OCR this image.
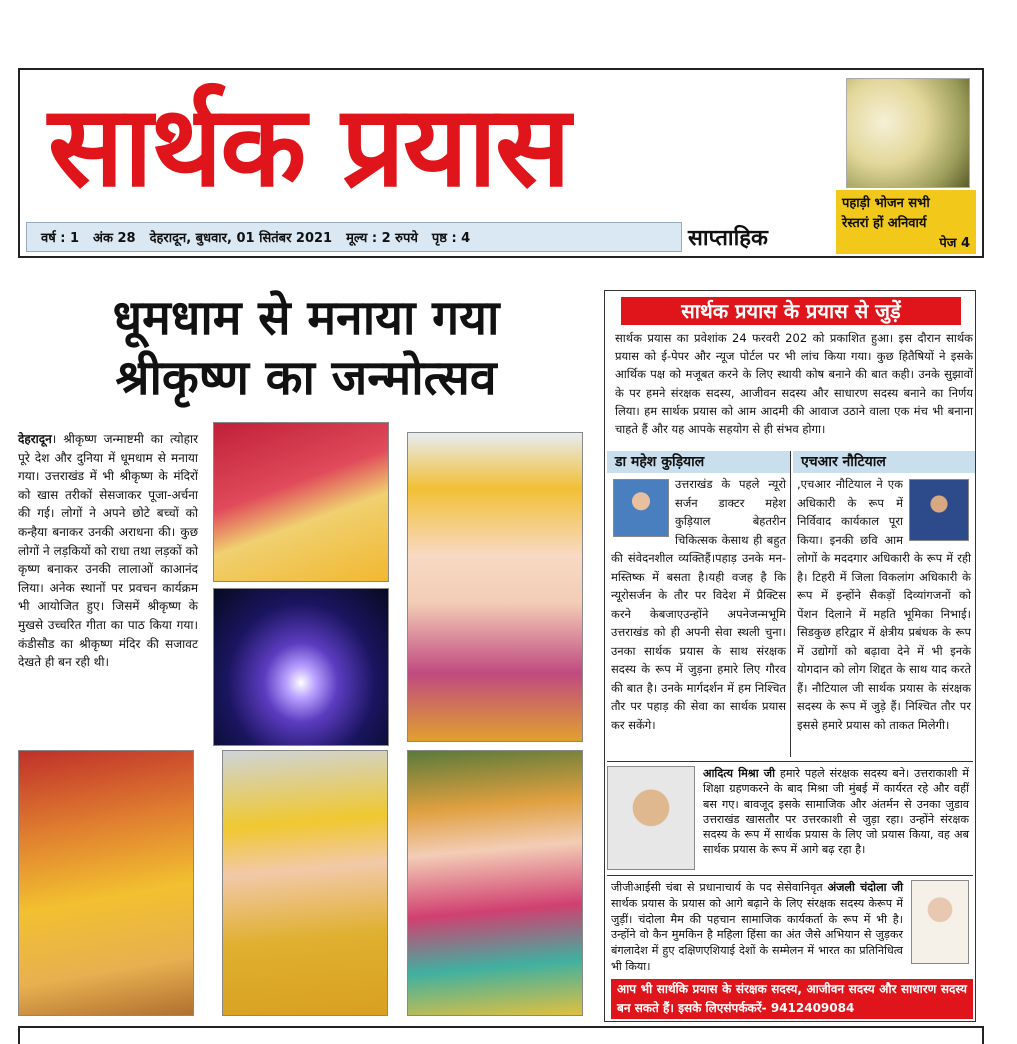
सार्थक प्रयास
वर्ष : 1 अंक 28 देहरादून, बुधवार, 01 सितंबर 2021 मूल्य : 2 रुपये पृष्ठ : 4	साप्ताहिक
पहाड़ी भोजन सभी
रेस्तरां हों अनिवार्य
पेज 4
धूमधाम से मनाया गया
श्रीकृष्ण का जन्मोत्सव
देहरादून। श्रीकृष्ण जन्माष्टमी का त्योहार पूरे देश और दुनिया में धूमधाम से मनाया गया। उत्तराखंड में भी श्रीकृष्ण के मंदिरों को खास तरीकों सेसजाकर पूजा-अर्चना की गई। लोगों ने अपने छोटे बच्चों को कन्हैया बनाकर उनकी अराधना की। कुछ लोगों ने लड़कियों को राधा तथा लड़कों को कृष्ण बनाकर उनकी लालाओं काआनंद लिया। अनेक स्थानों पर प्रवचन कार्यक्रम भी आयोजित हुए। जिसमें श्रीकृष्ण के मुखसे उच्चरित गीता का पाठ किया गया।कंडीसौड का श्रीकृष्ण मंदिर की सजावट देखते ही बन रही थी।
सार्थक प्रयास के प्रयास से जुड़ें
सार्थक प्रयास का प्रवेशांक 24 फरवरी 202 को प्रकाशित हुआ। इस दौरान सार्थक प्रयास को ई-पेपर और न्यूज पोर्टल पर भी लांच किया गया। कुछ हितैषियों ने इसके आर्थिक पक्ष को मजूबत करने के लिए स्थायी कोष बनाने की बात कही। उनके सुझावों के पर हमने संरक्षक सदस्य, आजीवन सदस्य और साधारण सदस्य बनाने का निर्णय लिया। हम सार्थक प्रयास को आम आदमी की आवाज उठाने वाला एक मंच भी बनाना चाहते हैं और यह आपके सहयोग से ही संभव होगा।
डा महेश कुड़ियाल

उत्तराखंड के पहले न्यूरो सर्जन डाक्टर महेश कुड़ियाल बेहतरीन चिकित्सक केसाथ ही बहुत की संवेदनशील व्यक्तिहैं।पहाड़ उनके मन-मस्तिष्क में बसता है।यही वजह है कि न्यूरोसर्जन के तौर पर विदेश में प्रैक्टिस करने केबजाएउन्होंने अपनेजन्मभूमि उत्तराखंड को ही अपनी सेवा स्थली चुना। उनका सार्थक प्रयास के साथ संरक्षक सदस्य के रूप में जुड़ना हमारे लिए गौरव की बात है। उनके मार्गदर्शन में हम निश्चित तौर पर पहाड़ की सेवा का सार्थक प्रयास कर सकेंगे।

एचआर नौटियाल

,एचआर नौटियाल ने एक अधिकारी के रूप में निर्विवाद कार्यकाल पूरा किया। इनकी छवि आम लोगों के मददगार अधिकारी के रूप में रही है। टिहरी में जिला विकलांग अधिकारी के रूप में इन्होंने सैकड़ों दिव्यांगजनों को पेंशन दिलाने में महति भूमिका निभाई। सिडकुछ हरिद्वार में क्षेत्रीय प्रबंधक के रूप में उद्योगों को बढ़ावा देने में भी इनके योगदान को लोग शिद्दत के साथ याद करते हैं। नौटियाल जी सार्थक प्रयास के संरक्षक सदस्य के रूप में जुड़े हैं। निश्चित तौर पर इससे हमारे प्रयास को ताकत मिलेगी।

आदित्य मिश्रा जी हमारे पहले संरक्षक सदस्य बने। उत्तराकाशी में शिक्षा ग्रहणकरने के बाद मिश्रा जी मुंबई में कार्यरत रहे और वहीं बस गए। बावजूद इसके सामाजिक और अंतर्मन से उनका जुडाव उत्तराखंड खासतौर पर उत्तरकाशी से जुड़ा रहा। उन्होंने संरक्षक सदस्य के रूप में सार्थक प्रयास के लिए जो प्रयास किया, वह अब सार्थक प्रयास के रूप में आगे बढ़ रहा है।
जीजीआईसी चंबा से प्रधानाचार्य के पद सेसेवानिवृत अंजली चंदोला जी सार्थक प्रयास के प्रयास को आगे बढ़ाने के लिए संरक्षक सदस्य केरूप में जुड़ीं। चंदोला मैम की पहचान सामाजिक कार्यकर्ता के रूप में भी है। उन्होंने वो कैन मुमकिन है महिला हिंसा का अंत जैसे अभियान से जुड़कर बंगलादेश में हुए दक्षिणएशियाई देशों के सम्मेलन में भारत का प्रतिनिधित्व भी किया।
आप भी सार्थकि प्रयास के संरक्षक सदस्य, आजीवन सदस्य और साधारण सदस्य बन सकते हैं। इसके लिएसंपर्ककरें- 9412409084
